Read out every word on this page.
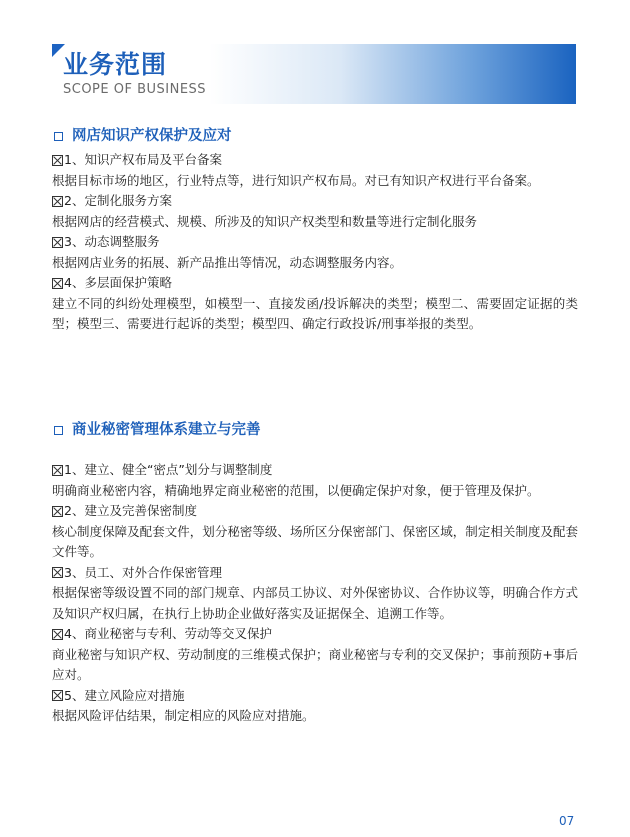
业务范围
SCOPE OF BUSINESS
网店知识产权保护及应对

1、知识产权布局及平台备案

根据目标市场的地区，行业特点等，进行知识产权布局。对已有知识产权进行平台备案。

2、定制化服务方案

根据网店的经营模式、规模、所涉及的知识产权类型和数量等进行定制化服务

3、动态调整服务

根据网店业务的拓展、新产品推出等情况，动态调整服务内容。

4、多层面保护策略

建立不同的纠纷处理模型，如模型一、直接发函/投诉解决的类型；模型二、需要固定证据的类型；模型三、需要进行起诉的类型；模型四、确定行政投诉/刑事举报的类型。

商业秘密管理体系建立与完善

1、建立、健全“密点”划分与调整制度

明确商业秘密内容，精确地界定商业秘密的范围，以便确定保护对象，便于管理及保护。

2、建立及完善保密制度

核心制度保障及配套文件，划分秘密等级、场所区分保密部门、保密区域，制定相关制度及配套文件等。

3、员工、对外合作保密管理

根据保密等级设置不同的部门规章、内部员工协议、对外保密协议、合作协议等，明确合作方式及知识产权归属，在执行上协助企业做好落实及证据保全、追溯工作等。

4、商业秘密与专利、劳动等交叉保护

商业秘密与知识产权、劳动制度的三维模式保护；商业秘密与专利的交叉保护；事前预防+事后应对。

5、建立风险应对措施

根据风险评估结果，制定相应的风险应对措施。

07
